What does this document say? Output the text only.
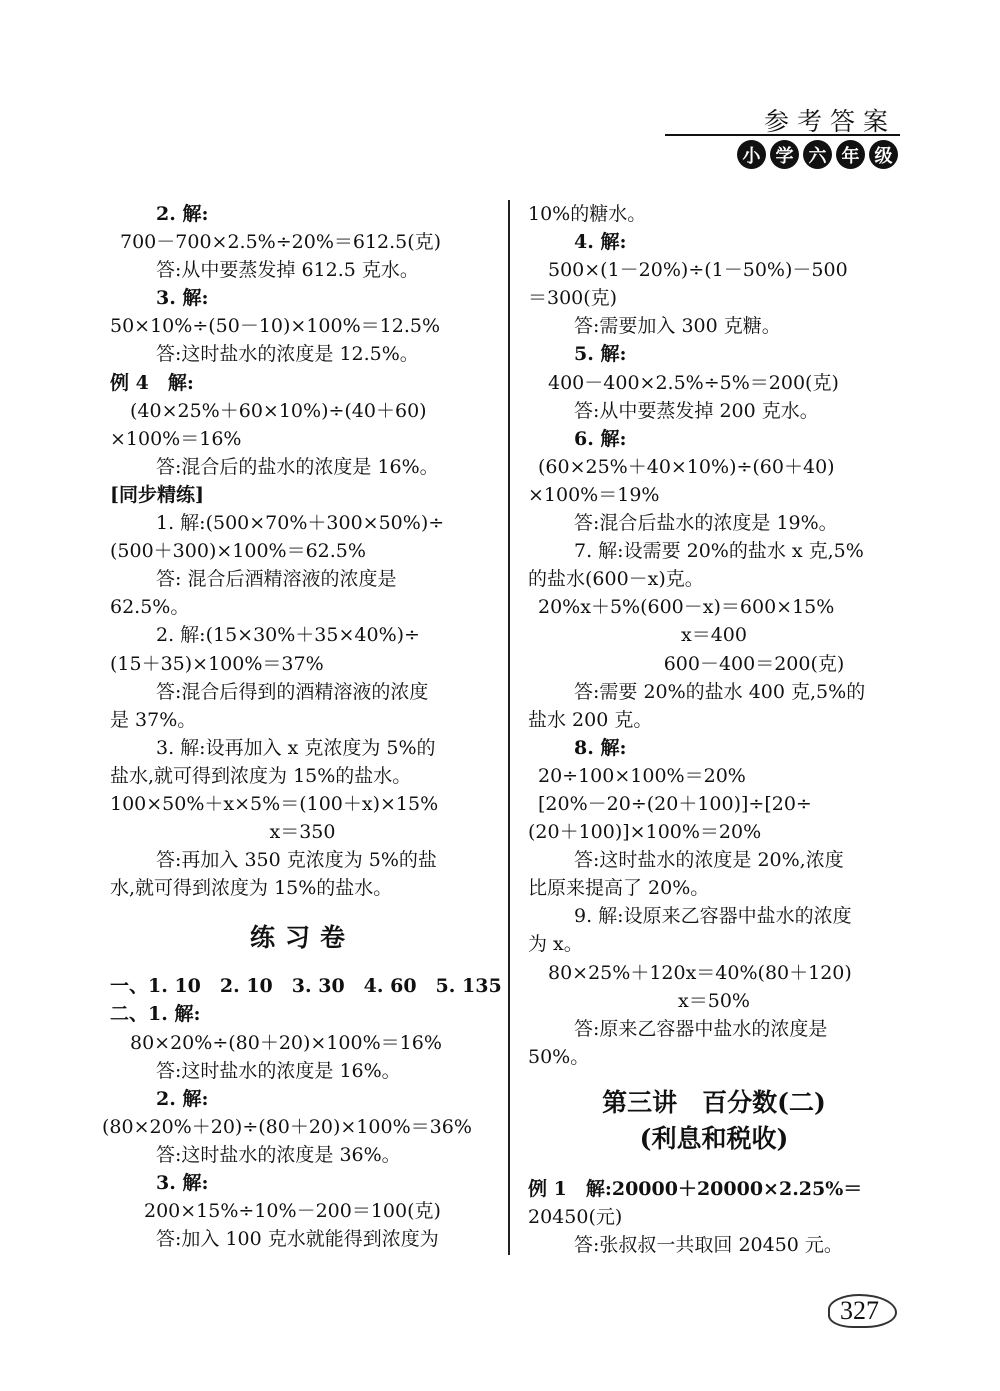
参考答案
小 学 六 年 级
2. 解:
700－700×2.5%÷20%＝612.5(克)
答:从中要蒸发掉 612.5 克水。
3. 解:
50×10%÷(50－10)×100%＝12.5%
答:这时盐水的浓度是 12.5%。
例 4　解:
(40×25%＋60×10%)÷(40＋60)
×100%＝16%
答:混合后的盐水的浓度是 16%。
[同步精练]
1. 解:(500×70%＋300×50%)÷
(500＋300)×100%＝62.5%
答: 混合后酒精溶液的浓度是
62.5%。
2. 解:(15×30%＋35×40%)÷
(15＋35)×100%＝37%
答:混合后得到的酒精溶液的浓度
是 37%。
3. 解:设再加入 x 克浓度为 5%的
盐水,就可得到浓度为 15%的盐水。
100×50%＋x×5%＝(100＋x)×15%
x＝350
答:再加入 350 克浓度为 5%的盐
水,就可得到浓度为 15%的盐水。
练习卷
一、1. 10　2. 10　3. 30　4. 60　5. 135
二、1. 解:
80×20%÷(80＋20)×100%＝16%
答:这时盐水的浓度是 16%。
2. 解:
(80×20%＋20)÷(80＋20)×100%＝36%
答:这时盐水的浓度是 36%。
3. 解:
200×15%÷10%－200＝100(克)
答:加入 100 克水就能得到浓度为
10%的糖水。
4. 解:
500×(1－20%)÷(1－50%)－500
＝300(克)
答:需要加入 300 克糖。
5. 解:
400－400×2.5%÷5%＝200(克)
答:从中要蒸发掉 200 克水。
6. 解:
(60×25%＋40×10%)÷(60＋40)
×100%＝19%
答:混合后盐水的浓度是 19%。
7. 解:设需要 20%的盐水 x 克,5%
的盐水(600－x)克。
20%x＋5%(600－x)＝600×15%
x＝400
600－400＝200(克)
答:需要 20%的盐水 400 克,5%的
盐水 200 克。
8. 解:
20÷100×100%＝20%
[20%－20÷(20＋100)]÷[20÷
(20＋100)]×100%＝20%
答:这时盐水的浓度是 20%,浓度
比原来提高了 20%。
9. 解:设原来乙容器中盐水的浓度
为 x。
80×25%＋120x＝40%(80＋120)
x＝50%
答:原来乙容器中盐水的浓度是
50%。
第三讲　百分数(二)
(利息和税收)
例 1　解:20000＋20000×2.25%＝
20450(元)
答:张叔叔一共取回 20450 元。
327
